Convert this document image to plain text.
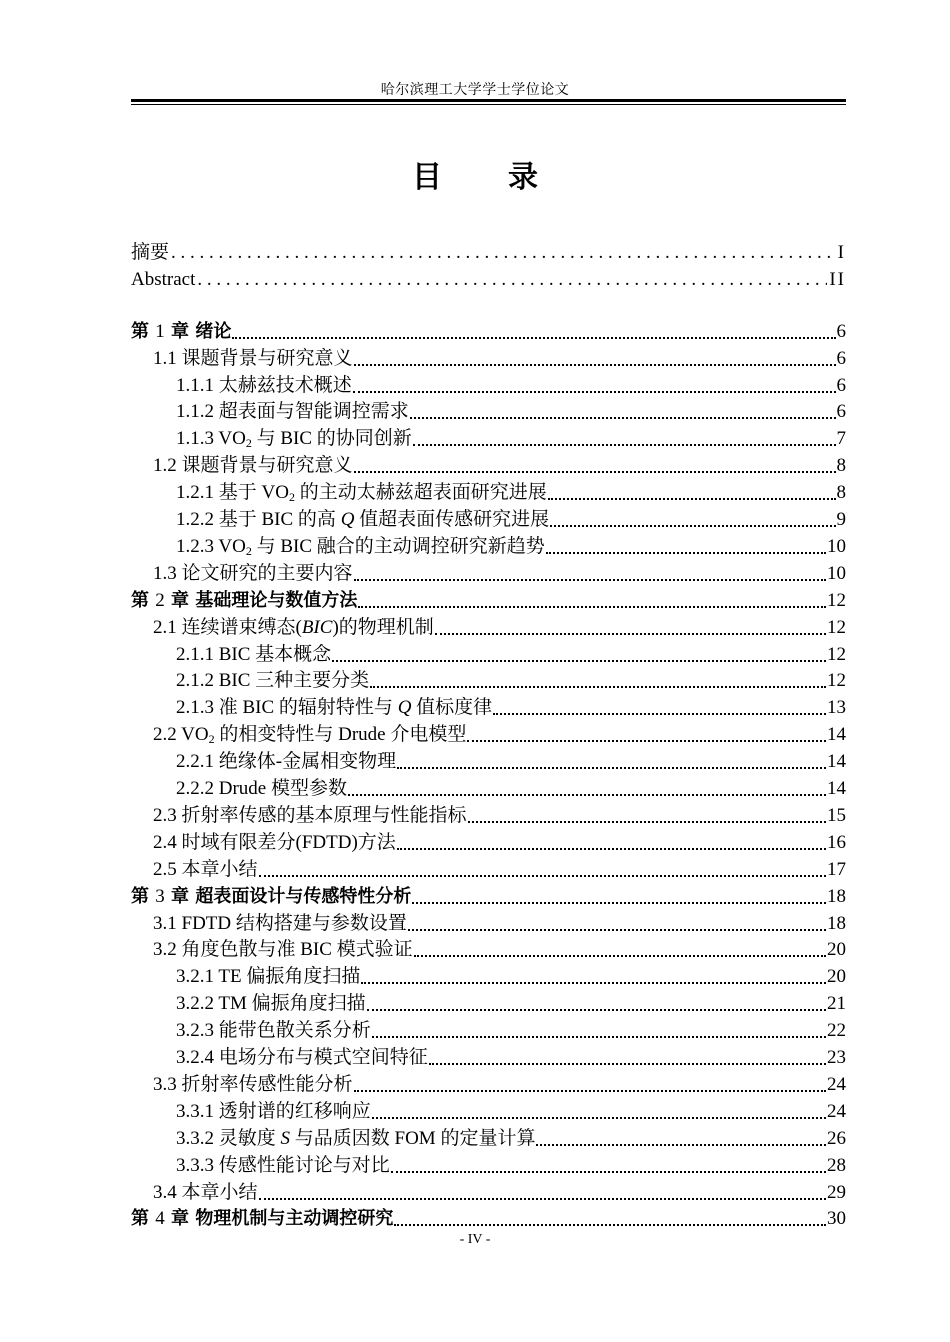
哈尔滨理工大学学士学位论文
目 录
摘要 . . .	I
Abstract . . .	II
第 1 章 绪论	6
1.1 课题背景与研究意义	6
1.1.1 太赫兹技术概述	6
1.1.2 超表面与智能调控需求	6
1.1.3 $VO_2$ 与 BIC 的协同创新	7
1.2 课题背景与研究意义	8
1.2.1 基于 $VO_2$ 的主动太赫兹超表面研究进展	8
1.2.2 基于 BIC 的高 Q 值超表面传感研究进展	9
1.2.3 $VO_2$ 与 BIC 融合的主动调控研究新趋势	10
1.3 论文研究的主要内容	10
第 2 章 基础理论与数值方法	12
2.1 连续谱束缚态(BIC)的物理机制	12
2.1.1 BIC 基本概念	12
2.1.2 BIC 三种主要分类	12
2.1.3 准 BIC 的辐射特性与 Q 值标度律	13
2.2 $VO_2$ 的相变特性与 Drude 介电模型	14
2.2.1 绝缘体-金属相变物理	14
2.2.2 Drude 模型参数	14
2.3 折射率传感的基本原理与性能指标	15
2.4 时域有限差分(FDTD)方法	16
2.5 本章小结	17
第 3 章 超表面设计与传感特性分析	18
3.1 FDTD 结构搭建与参数设置	18
3.2 角度色散与准 BIC 模式验证	20
3.2.1 TE 偏振角度扫描	20
3.2.2 TM 偏振角度扫描	21
3.2.3 能带色散关系分析	22
3.2.4 电场分布与模式空间特征	23
3.3 折射率传感性能分析	24
3.3.1 透射谱的红移响应	24
3.3.2 灵敏度 S 与品质因数 FOM 的定量计算	26
3.3.3 传感性能讨论与对比	28
3.4 本章小结	29
第 4 章 物理机制与主动调控研究	30
- IV -
